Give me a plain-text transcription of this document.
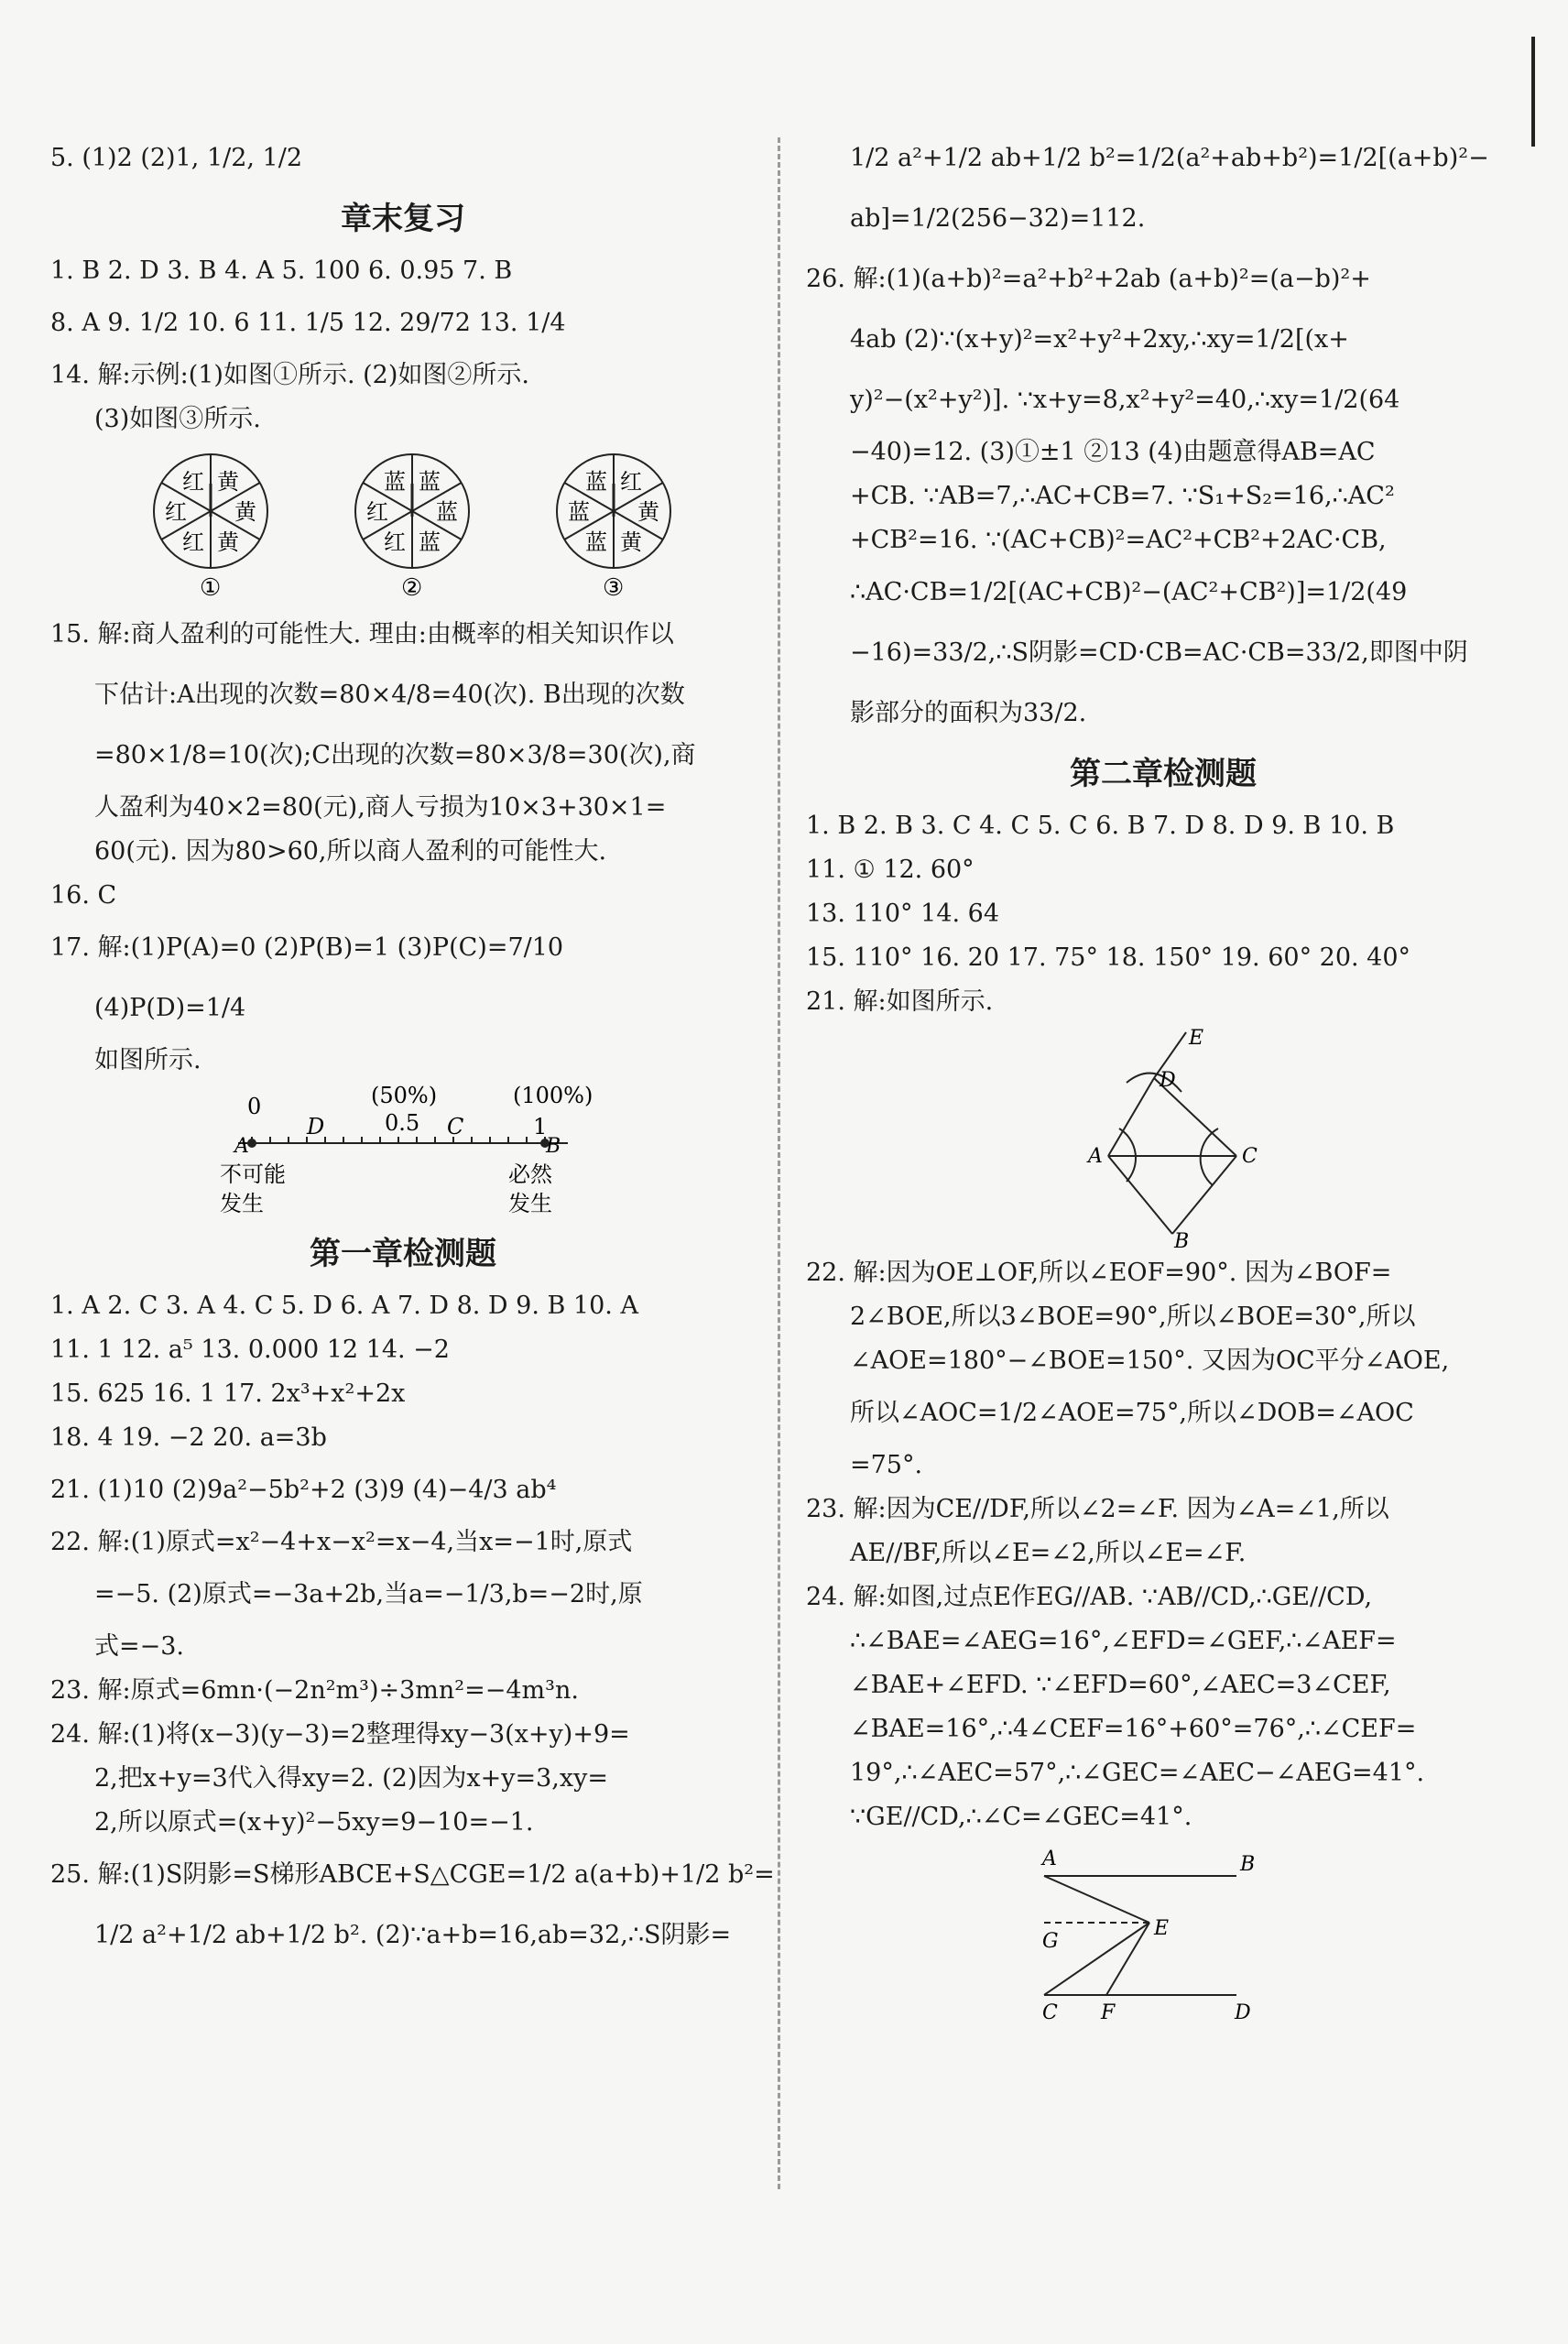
5. (1)2 (2)1, 1/2, 1/2

章末复习

1. B 2. D 3. B 4. A 5. 100 6. 0.95 7. B

8. A 9. 1/2 10. 6 11. 1/5 12. 29/72 13. 1/4

14. 解:示例:(1)如图①所示. (2)如图②所示.

(3)如图③所示.

黄
黄
黄
红
红
红
①
蓝
蓝
蓝
红
红
蓝
②
红
黄
黄
蓝
蓝
蓝
③

15. 解:商人盈利的可能性大. 理由:由概率的相关知识作以

下估计:A出现的次数=80×4/8=40(次). B出现的次数

=80×1/8=10(次);C出现的次数=80×3/8=30(次),商

人盈利为40×2=80(元),商人亏损为10×3+30×1=

60(元). 因为80>60,所以商人盈利的可能性大.

16. C

17. 解:(1)P(A)=0 (2)P(B)=1 (3)P(C)=7/10

(4)P(D)=1/4

如图所示.

0
D
(50%)
0.5 C
(100%)
1
A	B
不可能
发生
必然
发生
第一章检测题

1. A 2. C 3. A 4. C 5. D 6. A 7. D 8. D 9. B 10. A

11. 1 12. a⁵ 13. 0.000 12 14. −2

15. 625 16. 1 17. 2x³+x²+2x

18. 4 19. −2 20. a=3b

21. (1)10 (2)9a²−5b²+2 (3)9 (4)−4/3 ab⁴

22. 解:(1)原式=x²−4+x−x²=x−4,当x=−1时,原式

=−5. (2)原式=−3a+2b,当a=−1/3,b=−2时,原

式=−3.

23. 解:原式=6mn·(−2n²m³)÷3mn²=−4m³n.

24. 解:(1)将(x−3)(y−3)=2整理得xy−3(x+y)+9=

2,把x+y=3代入得xy=2. (2)因为x+y=3,xy=

2,所以原式=(x+y)²−5xy=9−10=−1.

25. 解:(1)S阴影=S梯形ABCE+S△CGE=1/2 a(a+b)+1/2 b²=

1/2 a²+1/2 ab+1/2 b². (2)∵a+b=16,ab=32,∴S阴影=

1/2 a²+1/2 ab+1/2 b²=1/2(a²+ab+b²)=1/2[(a+b)²−

ab]=1/2(256−32)=112.

26. 解:(1)(a+b)²=a²+b²+2ab (a+b)²=(a−b)²+

4ab (2)∵(x+y)²=x²+y²+2xy,∴xy=1/2[(x+

y)²−(x²+y²)]. ∵x+y=8,x²+y²=40,∴xy=1/2(64

−40)=12. (3)①±1 ②13 (4)由题意得AB=AC

+CB. ∵AB=7,∴AC+CB=7. ∵S₁+S₂=16,∴AC²

+CB²=16. ∵(AC+CB)²=AC²+CB²+2AC·CB,

∴AC·CB=1/2[(AC+CB)²−(AC²+CB²)]=1/2(49

−16)=33/2,∴S阴影=CD·CB=AC·CB=33/2,即图中阴

影部分的面积为33/2.

第二章检测题

1. B 2. B 3. C 4. C 5. C 6. B 7. D 8. D 9. B 10. B

11. ① 12. 60°

13. 110° 14. 64

15. 110° 16. 20 17. 75° 18. 150° 19. 60° 20. 40°

21. 解:如图所示.

E
D
A	C
B

22. 解:因为OE⊥OF,所以∠EOF=90°. 因为∠BOF=

2∠BOE,所以3∠BOE=90°,所以∠BOE=30°,所以

∠AOE=180°−∠BOE=150°. 又因为OC平分∠AOE,

所以∠AOC=1/2∠AOE=75°,所以∠DOB=∠AOC

=75°.

23. 解:因为CE//DF,所以∠2=∠F. 因为∠A=∠1,所以

AE//BF,所以∠E=∠2,所以∠E=∠F.

24. 解:如图,过点E作EG//AB. ∵AB//CD,∴GE//CD,

∴∠BAE=∠AEG=16°,∠EFD=∠GEF,∴∠AEF=

∠BAE+∠EFD. ∵∠EFD=60°,∠AEC=3∠CEF,

∠BAE=16°,∴4∠CEF=16°+60°=76°,∴∠CEF=

19°,∴∠AEC=57°,∴∠GEC=∠AEC−∠AEG=41°.

∵GE//CD,∴∠C=∠GEC=41°.

A	B
G
E
C F	D
